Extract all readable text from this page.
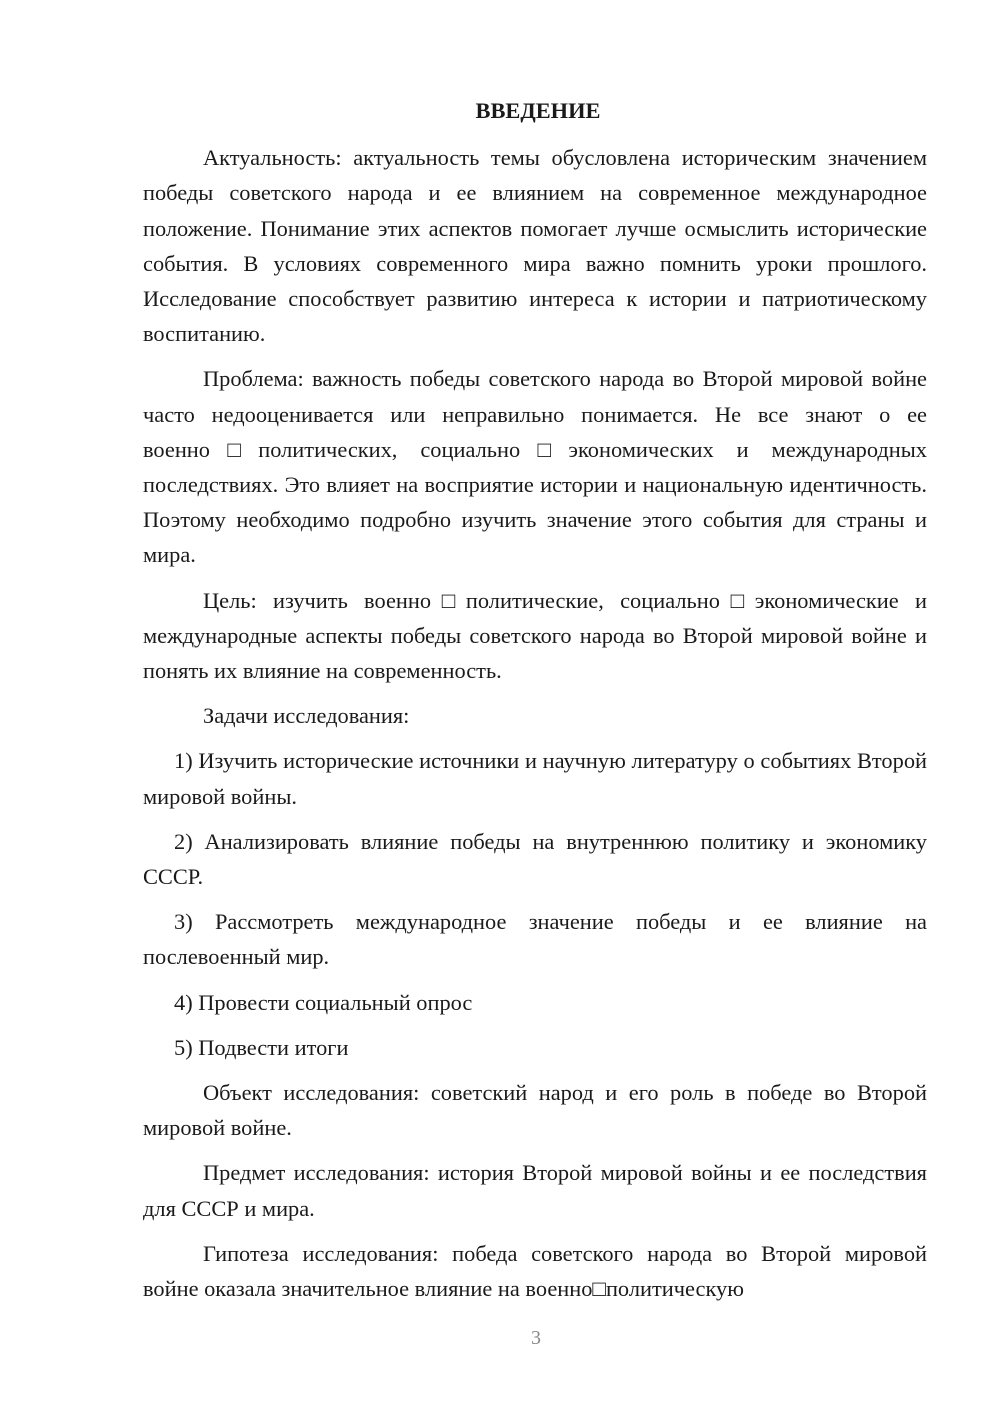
ВВЕДЕНИЕ

Актуальность: актуальность темы обусловлена историческим значением победы советского народа и ее влиянием на современное международное положение. Понимание этих аспектов помогает лучше осмыслить исторические события. В условиях современного мира важно помнить уроки прошлого. Исследование способствует развитию интереса к истории и патриотическому воспитанию.

Проблема: важность победы советского народа во Второй мировой войне часто недооценивается или неправильно понимается. Не все знают о ее военно□политических, социально□экономических и международных последствиях. Это влияет на восприятие истории и национальную идентичность. Поэтому необходимо подробно изучить значение этого события для страны и мира.

Цель: изучить военно□политические, социально□экономические и международные аспекты победы советского народа во Второй мировой войне и понять их влияние на современность.

Задачи исследования:

1) Изучить исторические источники и научную литературу о событиях Второй мировой войны.

2) Анализировать влияние победы на внутреннюю политику и экономику СССР.

3) Рассмотреть международное значение победы и ее влияние на послевоенный мир.

4) Провести социальный опрос

5) Подвести итоги

Объект исследования: советский народ и его роль в победе во Второй мировой войне.

Предмет исследования: история Второй мировой войны и ее последствия для СССР и мира.

Гипотеза исследования: победа советского народа во Второй мировой войне оказала значительное влияние на военно□политическую

3
